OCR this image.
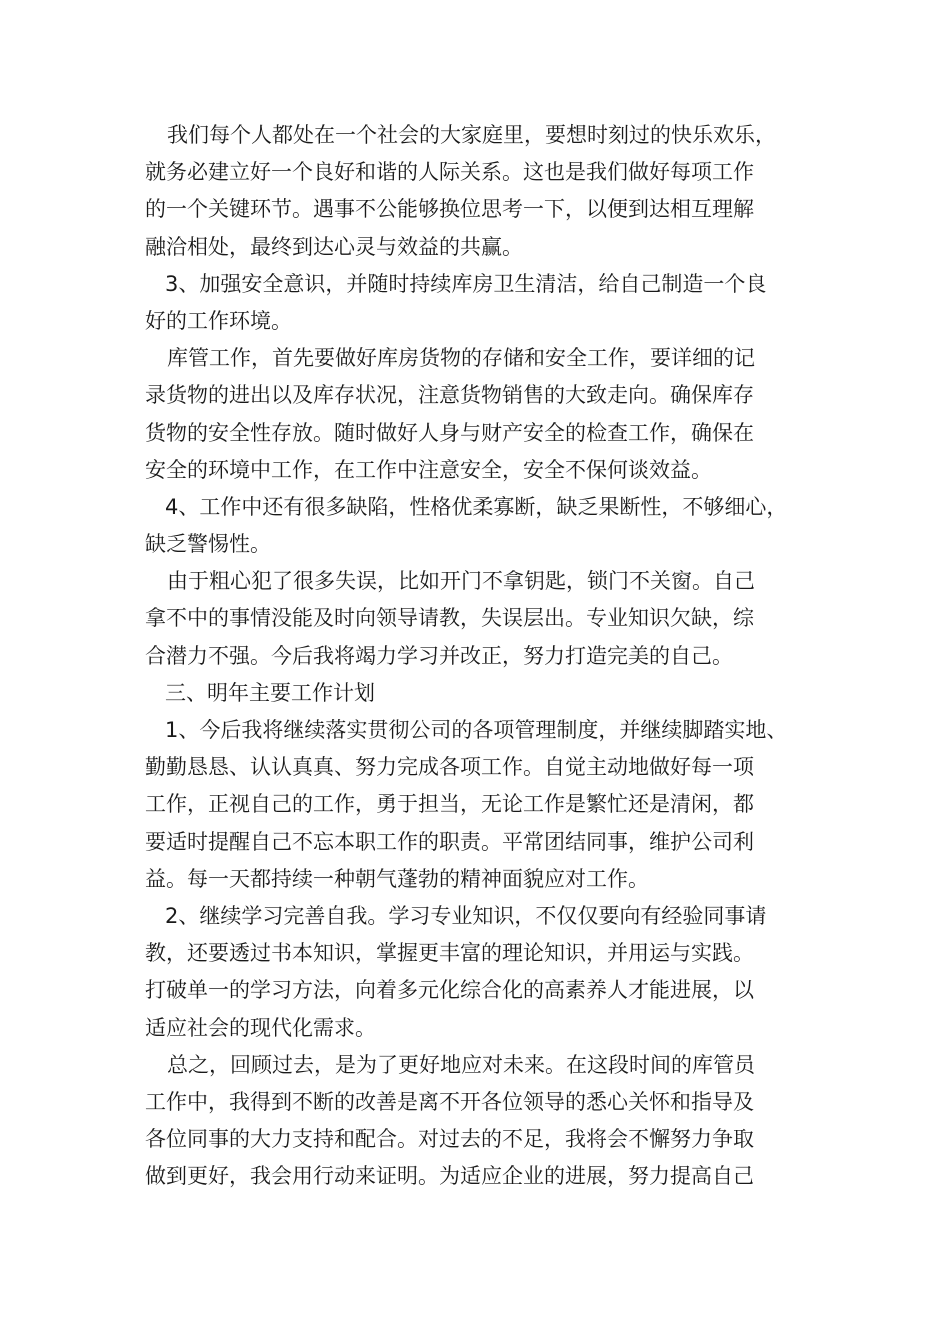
我们每个人都处在一个社会的大家庭里，要想时刻过的快乐欢乐，
就务必建立好一个良好和谐的人际关系。这也是我们做好每项工作
的一个关键环节。遇事不公能够换位思考一下，以便到达相互理解
融洽相处，最终到达心灵与效益的共赢。
3、加强安全意识，并随时持续库房卫生清洁，给自己制造一个良
好的工作环境。
库管工作，首先要做好库房货物的存储和安全工作，要详细的记
录货物的进出以及库存状况，注意货物销售的大致走向。确保库存
货物的安全性存放。随时做好人身与财产安全的检查工作，确保在
安全的环境中工作，在工作中注意安全，安全不保何谈效益。
4、工作中还有很多缺陷，性格优柔寡断，缺乏果断性，不够细心，
缺乏警惕性。
由于粗心犯了很多失误，比如开门不拿钥匙，锁门不关窗。自己
拿不中的事情没能及时向领导请教，失误层出。专业知识欠缺，综
合潜力不强。今后我将竭力学习并改正，努力打造完美的自己。
三、明年主要工作计划
1、今后我将继续落实贯彻公司的各项管理制度，并继续脚踏实地、
勤勤恳恳、认认真真、努力完成各项工作。自觉主动地做好每一项
工作，正视自己的工作，勇于担当，无论工作是繁忙还是清闲，都
要适时提醒自己不忘本职工作的职责。平常团结同事，维护公司利
益。每一天都持续一种朝气蓬勃的精神面貌应对工作。
2、继续学习完善自我。学习专业知识，不仅仅要向有经验同事请
教，还要透过书本知识，掌握更丰富的理论知识，并用运与实践。
打破单一的学习方法，向着多元化综合化的高素养人才能进展，以
适应社会的现代化需求。
总之，回顾过去，是为了更好地应对未来。在这段时间的库管员
工作中，我得到不断的改善是离不开各位领导的悉心关怀和指导及
各位同事的大力支持和配合。对过去的不足，我将会不懈努力争取
做到更好，我会用行动来证明。为适应企业的进展，努力提高自己
